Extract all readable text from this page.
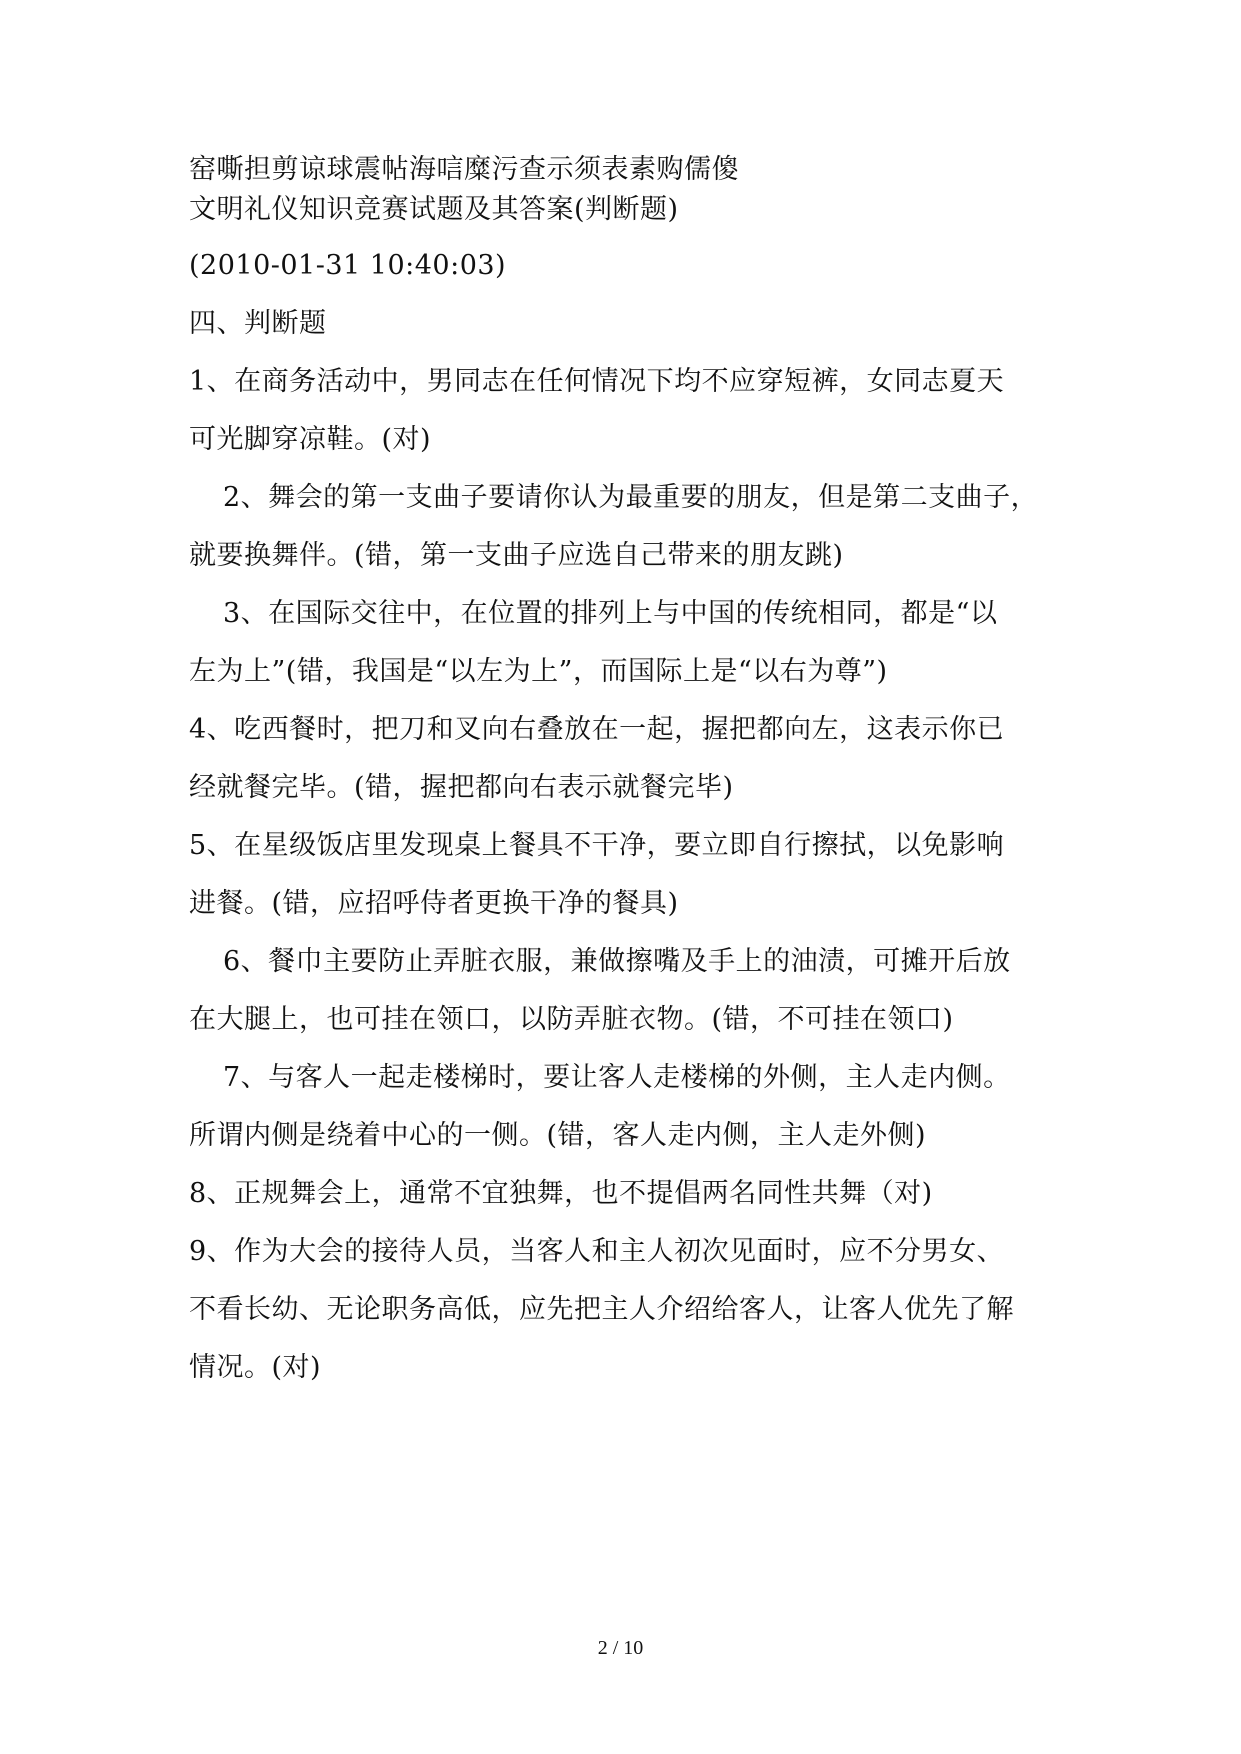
窑嘶担剪谅球震帖海唁糜污查示须表素购儒傻
文明礼仪知识竞赛试题及其答案(判断题)
(2010-01-31 10:40:03)
四、判断题
1、在商务活动中，男同志在任何情况下均不应穿短裤，女同志夏天
可光脚穿凉鞋。(对)
2、舞会的第一支曲子要请你认为最重要的朋友，但是第二支曲子，
就要换舞伴。(错，第一支曲子应选自己带来的朋友跳)
3、在国际交往中，在位置的排列上与中国的传统相同，都是“以
左为上”(错，我国是“以左为上”，而国际上是“以右为尊”)
4、吃西餐时，把刀和叉向右叠放在一起，握把都向左，这表示你已
经就餐完毕。(错，握把都向右表示就餐完毕)
5、在星级饭店里发现桌上餐具不干净，要立即自行擦拭，以免影响
进餐。(错，应招呼侍者更换干净的餐具)
6、餐巾主要防止弄脏衣服，兼做擦嘴及手上的油渍，可摊开后放
在大腿上，也可挂在领口，以防弄脏衣物。(错，不可挂在领口)
7、与客人一起走楼梯时，要让客人走楼梯的外侧，主人走内侧。
所谓内侧是绕着中心的一侧。(错，客人走内侧，主人走外侧)
8、正规舞会上，通常不宜独舞，也不提倡两名同性共舞（对)
9、作为大会的接待人员，当客人和主人初次见面时，应不分男女、
不看长幼、无论职务高低，应先把主人介绍给客人，让客人优先了解
情况。(对)
2 / 10
